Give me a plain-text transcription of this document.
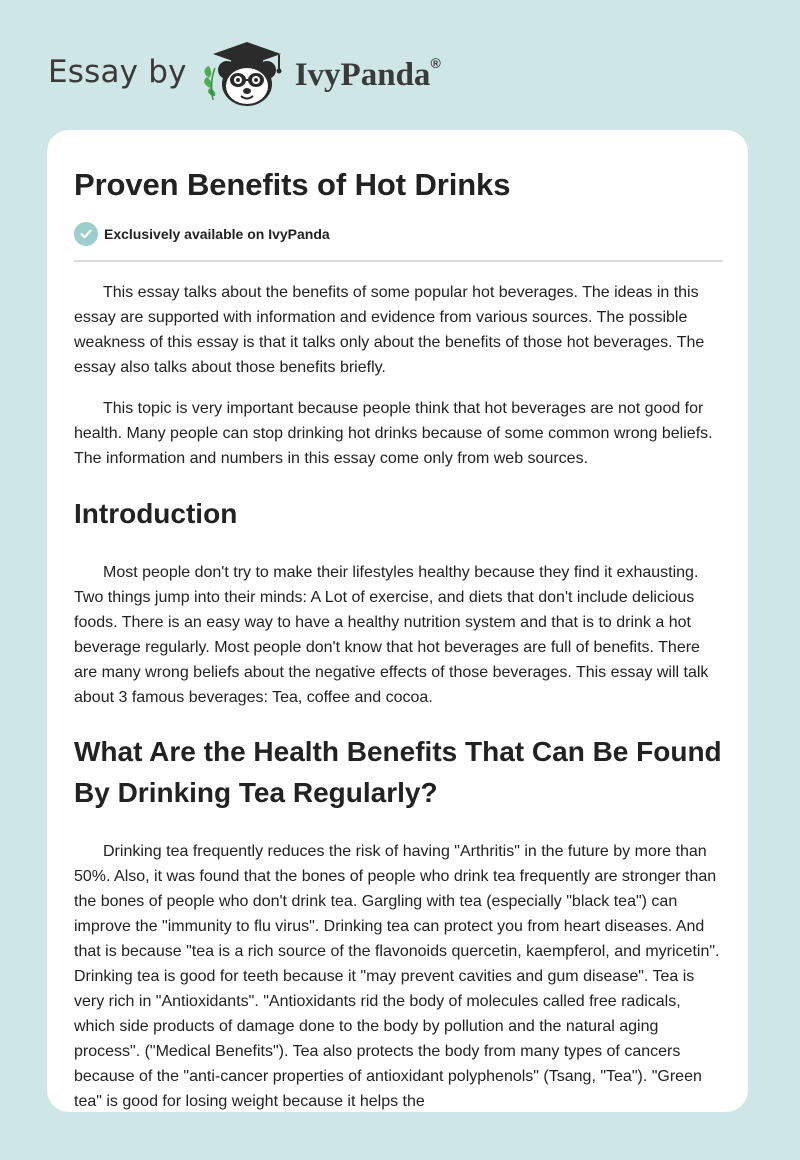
Essay by	IvyPanda®
Proven Benefits of Hot Drinks
Exclusively available on IvyPanda

This essay talks about the benefits of some popular hot beverages. The ideas in this essay are supported with information and evidence from various sources. The possible weakness of this essay is that it talks only about the benefits of those hot beverages. The essay also talks about those benefits briefly.

This topic is very important because people think that hot beverages are not good for health. Many people can stop drinking hot drinks because of some common wrong beliefs. The information and numbers in this essay come only from web sources.

Introduction

Most people don't try to make their lifestyles healthy because they find it exhausting. Two things jump into their minds: A Lot of exercise, and diets that don't include delicious foods. There is an easy way to have a healthy nutrition system and that is to drink a hot beverage regularly. Most people don't know that hot beverages are full of benefits. There are many wrong beliefs about the negative effects of those beverages. This essay will talk about 3 famous beverages: Tea, coffee and cocoa.

What Are the Health Benefits That Can Be Found By Drinking Tea Regularly?

Drinking tea frequently reduces the risk of having "Arthritis" in the future by more than 50%. Also, it was found that the bones of people who drink tea frequently are stronger than the bones of people who don't drink tea. Gargling with tea (especially "black tea") can improve the "immunity to flu virus". Drinking tea can protect you from heart diseases. And that is because "tea is a rich source of the flavonoids quercetin, kaempferol, and myricetin". Drinking tea is good for teeth because it "may prevent cavities and gum disease". Tea is very rich in "Antioxidants". "Antioxidants rid the body of molecules called free radicals, which side products of damage done to the body by pollution and the natural aging process". ("Medical Benefits"). Tea also protects the body from many types of cancers because of the "anti-cancer properties of antioxidant polyphenols" (Tsang, "Tea"). "Green tea" is good for losing weight because it helps the
